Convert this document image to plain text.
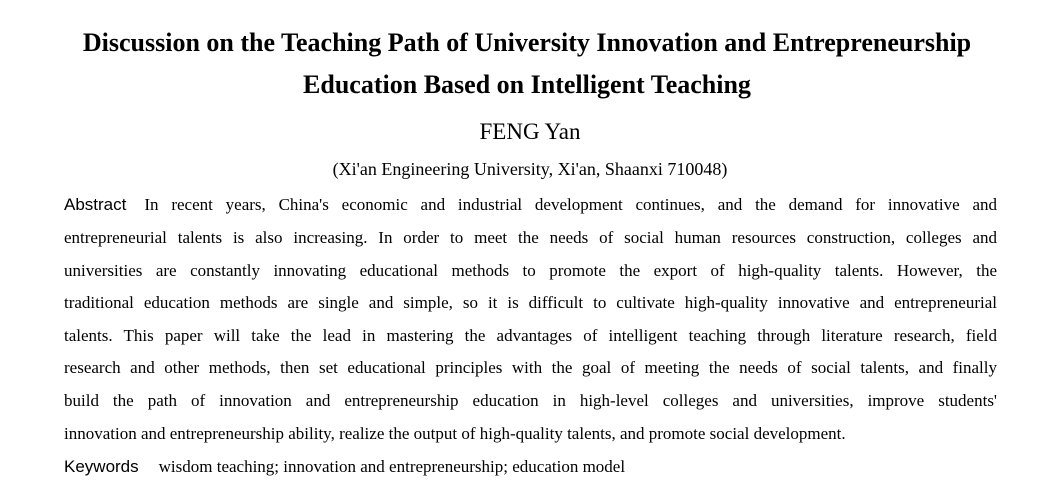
Discussion on the Teaching Path of University Innovation and Entrepreneurship
Education Based on Intelligent Teaching
FENG Yan
(Xi'an Engineering University, Xi'an, Shaanxi 710048)
Abstract In recent years, China's economic and industrial development continues, and the demand for innovative and
entrepreneurial talents is also increasing. In order to meet the needs of social human resources construction, colleges and
universities are constantly innovating educational methods to promote the export of high-quality talents. However, the
traditional education methods are single and simple, so it is difficult to cultivate high-quality innovative and entrepreneurial
talents. This paper will take the lead in mastering the advantages of intelligent teaching through literature research, field
research and other methods, then set educational principles with the goal of meeting the needs of social talents, and finally
build the path of innovation and entrepreneurship education in high-level colleges and universities, improve students'
innovation and entrepreneurship ability, realize the output of high-quality talents, and promote social development.
Keywords wisdom teaching; innovation and entrepreneurship; education model
